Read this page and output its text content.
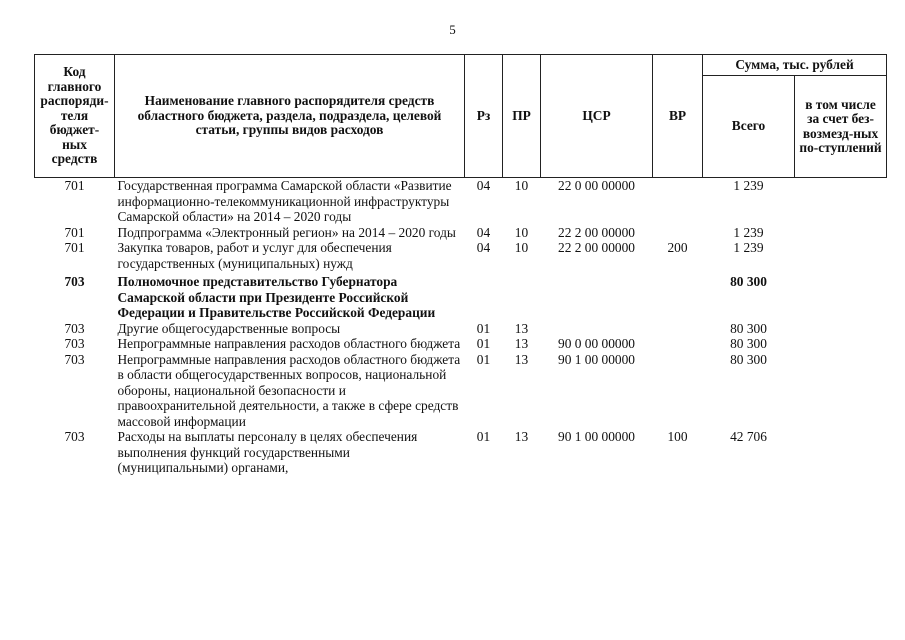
5
Код главного распоряди-теля бюджет-ных средств	Наименование главного распорядителя средств областного бюджета, раздела, подраздела, целевой статьи, группы видов расходов	Рз	ПР	ЦСР	ВР	Сумма, тыс. рублей	
						Всего	в том числе за счет без-возмезд-ных по-ступлений
701	Государственная программа Самарской области «Развитие информационно-телекоммуникационной инфраструктуры Самарской области» на 2014 – 2020 годы	04	10	22 0 00 00000		1 239	
701	Подпрограмма «Электронный регион» на 2014 – 2020 годы	04	10	22 2 00 00000		1 239	
701	Закупка товаров, работ и услуг для обеспечения государственных (муниципальных) нужд	04	10	22 2 00 00000	200	1 239	
703	Полномочное представительство Губернатора Самарской области при Президенте Российской Федерации и Правительстве Российской Федерации					80 300	
703	Другие общегосударственные вопросы	01	13			80 300	
703	Непрограммные направления расходов областного бюджета	01	13	90 0 00 00000		80 300	
703	Непрограммные направления расходов областного бюджета в области общегосударственных вопросов, национальной обороны, национальной безопасности и правоохранительной деятельности, а также в сфере средств массовой информации	01	13	90 1 00 00000		80 300	
703	Расходы на выплаты персоналу в целях обеспечения выполнения функций государственными (муниципальными) органами,	01	13	90 1 00 00000	100	42 706	
